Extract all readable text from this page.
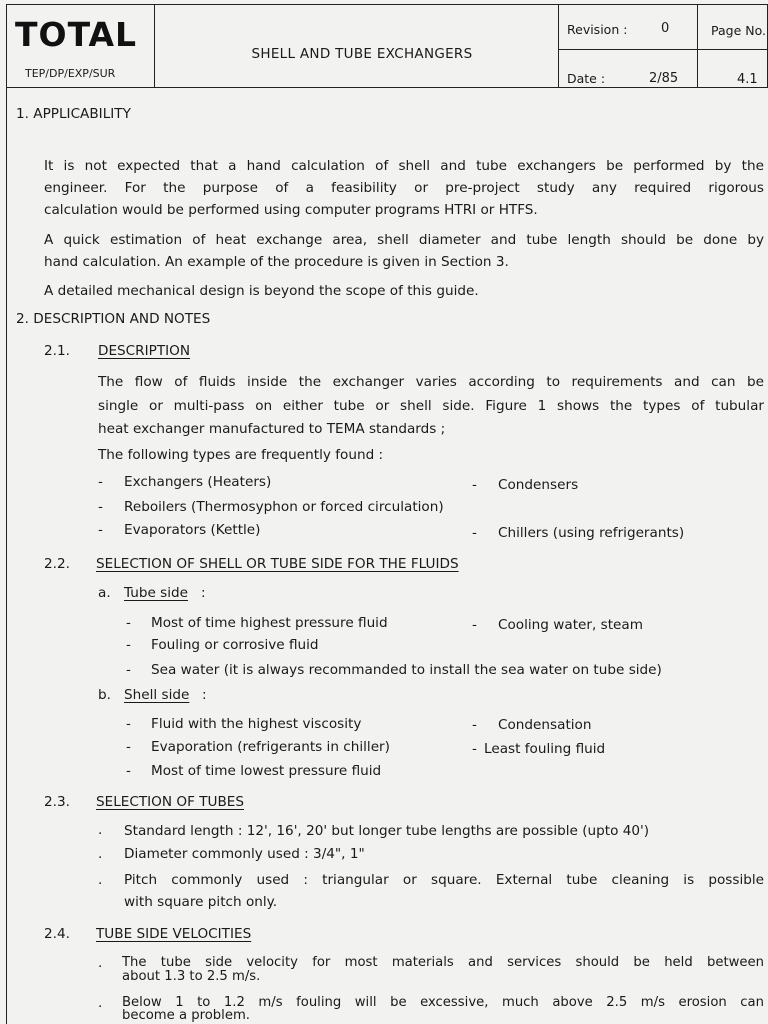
TOTAL
TEP/DP/EXP/SUR
SHELL AND TUBE EXCHANGERS
Revision :	0
Date :	2/85
Page No.
4.1
1. APPLICABILITY
It is not expected that a hand calculation of shell and tube exchangers be performed by the
engineer. For the purpose of a feasibility or pre-project study any required rigorous
calculation would be performed using computer programs HTRI or HTFS.
A quick estimation of heat exchange area, shell diameter and tube length should be done by
hand calculation. An example of the procedure is given in Section 3.
A detailed mechanical design is beyond the scope of this guide.
2. DESCRIPTION AND NOTES
2.1. DESCRIPTION
The flow of fluids inside the exchanger varies according to requirements and can be
single or multi-pass on either tube or shell side. Figure 1 shows the types of tubular
heat exchanger manufactured to TEMA standards ;
The following types are frequently found :
- Exchangers (Heaters)	- Condensers
- Reboilers (Thermosyphon or forced circulation)
- Evaporators (Kettle)	- Chillers (using refrigerants)
2.2. SELECTION OF SHELL OR TUBE SIDE FOR THE FLUIDS
a. Tube side :
- Most of time highest pressure fluid	- Cooling water, steam
- Fouling or corrosive fluid
- Sea water (it is always recommanded to install the sea water on tube side)
b. Shell side :
- Fluid with the highest viscosity	- Condensation
- Evaporation (refrigerants in chiller)	- Least fouling fluid
- Most of time lowest pressure fluid
2.3. SELECTION OF TUBES
. Standard length : 12', 16', 20' but longer tube lengths are possible (upto 40')
. Diameter commonly used : 3/4", 1"
. Pitch commonly used : triangular or square. External tube cleaning is possible
with square pitch only.
2.4. TUBE SIDE VELOCITIES
. The tube side velocity for most materials and services should be held between
about 1.3 to 2.5 m/s.
. Below 1 to 1.2 m/s fouling will be excessive, much above 2.5 m/s erosion can
become a problem.
